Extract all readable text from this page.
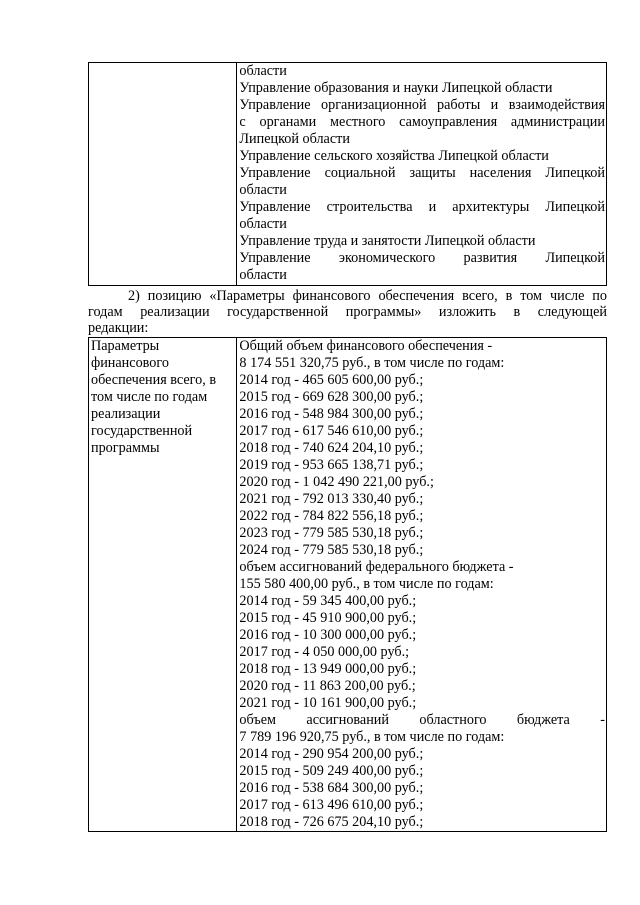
области
Управление образования и науки Липецкой области
Управление организационной работы и взаимодействия
с органами местного самоуправления администрации
Липецкой области
Управление сельского хозяйства Липецкой области
Управление социальной защиты населения Липецкой
области
Управление строительства и архитектуры Липецкой
области
Управление труда и занятости Липецкой области
Управление экономического развития Липецкой
области
2) позицию «Параметры финансового обеспечения всего, в том числе по
годам реализации государственной программы» изложить в следующей
редакции:
Параметры
финансового
обеспечения всего, в
том числе по годам
реализации
государственной
программы

Общий объем финансового обеспечения -
8 174 551 320,75 руб., в том числе по годам:
2014 год - 465 605 600,00 руб.;
2015 год - 669 628 300,00 руб.;
2016 год - 548 984 300,00 руб.;
2017 год - 617 546 610,00 руб.;
2018 год - 740 624 204,10 руб.;
2019 год - 953 665 138,71 руб.;
2020 год - 1 042 490 221,00 руб.;
2021 год - 792 013 330,40 руб.;
2022 год - 784 822 556,18 руб.;
2023 год - 779 585 530,18 руб.;
2024 год - 779 585 530,18 руб.;
объем ассигнований федерального бюджета -
155 580 400,00 руб., в том числе по годам:
2014 год - 59 345 400,00 руб.;
2015 год - 45 910 900,00 руб.;
2016 год - 10 300 000,00 руб.;
2017 год - 4 050 000,00 руб.;
2018 год - 13 949 000,00 руб.;
2020 год - 11 863 200,00 руб.;
2021 год - 10 161 900,00 руб.;
объем ассигнований областного бюджета -
7 789 196 920,75 руб., в том числе по годам:
2014 год - 290 954 200,00 руб.;
2015 год - 509 249 400,00 руб.;
2016 год - 538 684 300,00 руб.;
2017 год - 613 496 610,00 руб.;
2018 год - 726 675 204,10 руб.;
